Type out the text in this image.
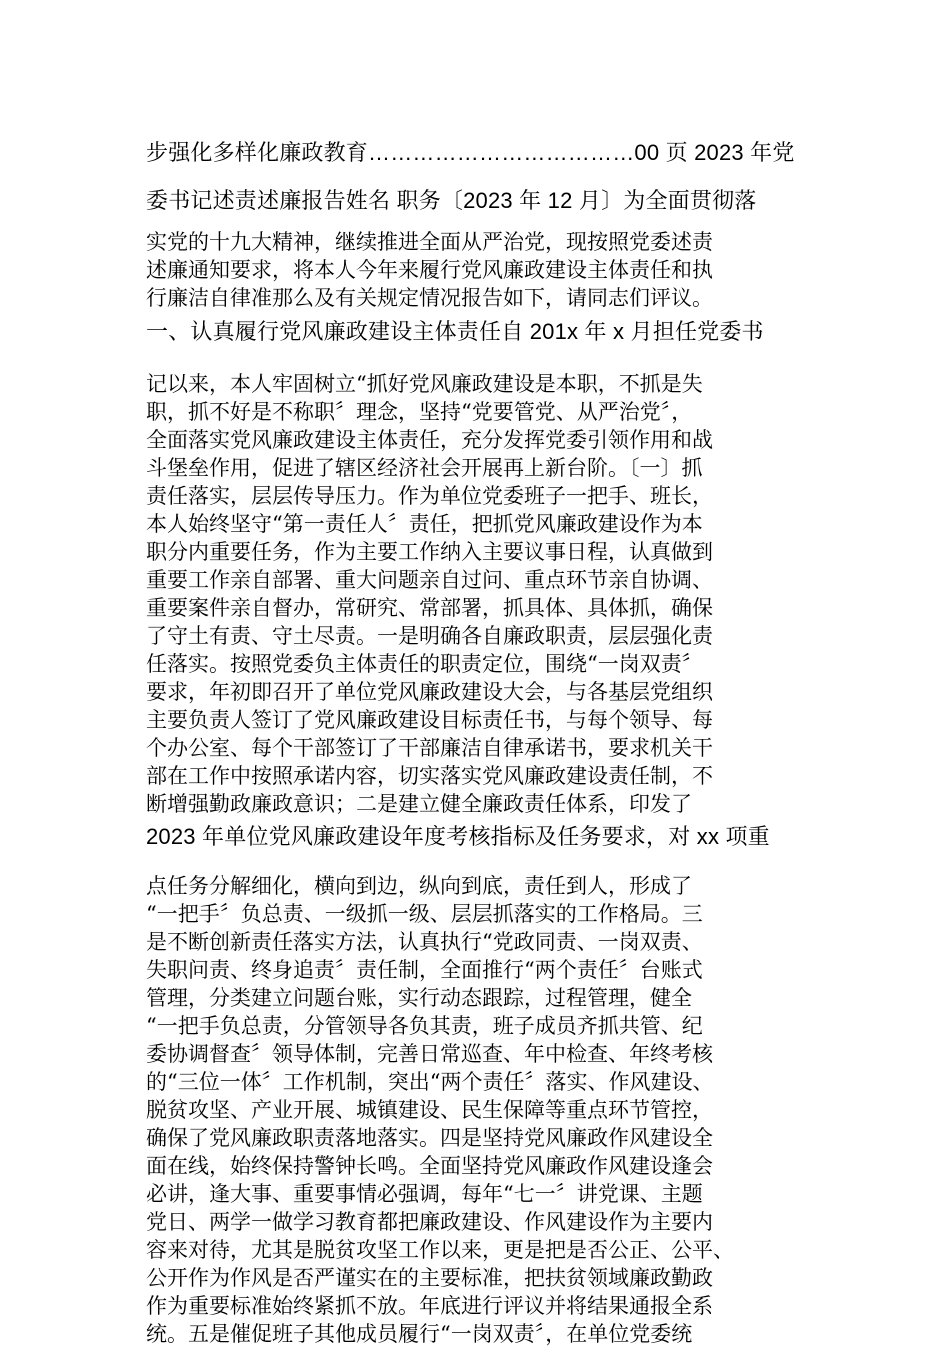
步强化多样化廉政教育………………………………00 页 2023 年党
委书记述责述廉报告姓名 职务〔2023 年 12 月〕为全面贯彻落
实党的十九大精神，继续推进全面从严治党，现按照党委述责
述廉通知要求，将本人今年来履行党风廉政建设主体责任和执
行廉洁自律准那么及有关规定情况报告如下，请同志们评议。
一、认真履行党风廉政建设主体责任自 201x 年 x 月担任党委书
记以来，本人牢固树立“抓好党风廉政建设是本职，不抓是失
职，抓不好是不称职〞理念，坚持“党要管党、从严治党〞，
全面落实党风廉政建设主体责任，充分发挥党委引领作用和战
斗堡垒作用，促进了辖区经济社会开展再上新台阶。〔一〕抓
责任落实，层层传导压力。作为单位党委班子一把手、班长，
本人始终坚守“第一责任人〞责任，把抓党风廉政建设作为本
职分内重要任务，作为主要工作纳入主要议事日程，认真做到
重要工作亲自部署、重大问题亲自过问、重点环节亲自协调、
重要案件亲自督办，常研究、常部署，抓具体、具体抓，确保
了守土有责、守土尽责。一是明确各自廉政职责，层层强化责
任落实。按照党委负主体责任的职责定位，围绕“一岗双责〞
要求，年初即召开了单位党风廉政建设大会，与各基层党组织
主要负责人签订了党风廉政建设目标责任书，与每个领导、每
个办公室、每个干部签订了干部廉洁自律承诺书，要求机关干
部在工作中按照承诺内容，切实落实党风廉政建设责任制，不
断增强勤政廉政意识；二是建立健全廉政责任体系，印发了
2023 年单位党风廉政建设年度考核指标及任务要求，对 xx 项重
点任务分解细化，横向到边，纵向到底，责任到人，形成了
“一把手〞负总责、一级抓一级、层层抓落实的工作格局。三
是不断创新责任落实方法，认真执行“党政同责、一岗双责、
失职问责、终身追责〞责任制，全面推行“两个责任〞台账式
管理，分类建立问题台账，实行动态跟踪，过程管理，健全
“一把手负总责，分管领导各负其责，班子成员齐抓共管、纪
委协调督查〞领导体制，完善日常巡查、年中检查、年终考核
的“三位一体〞工作机制，突出“两个责任〞落实、作风建设、
脱贫攻坚、产业开展、城镇建设、民生保障等重点环节管控，
确保了党风廉政职责落地落实。四是坚持党风廉政作风建设全
面在线，始终保持警钟长鸣。全面坚持党风廉政作风建设逢会
必讲，逢大事、重要事情必强调，每年“七一〞讲党课、主题
党日、两学一做学习教育都把廉政建设、作风建设作为主要内
容来对待，尤其是脱贫攻坚工作以来，更是把是否公正、公平、
公开作为作风是否严谨实在的主要标准，把扶贫领域廉政勤政
作为重要标准始终紧抓不放。年底进行评议并将结果通报全系
统。五是催促班子其他成员履行“一岗双责〞，在单位党委统
